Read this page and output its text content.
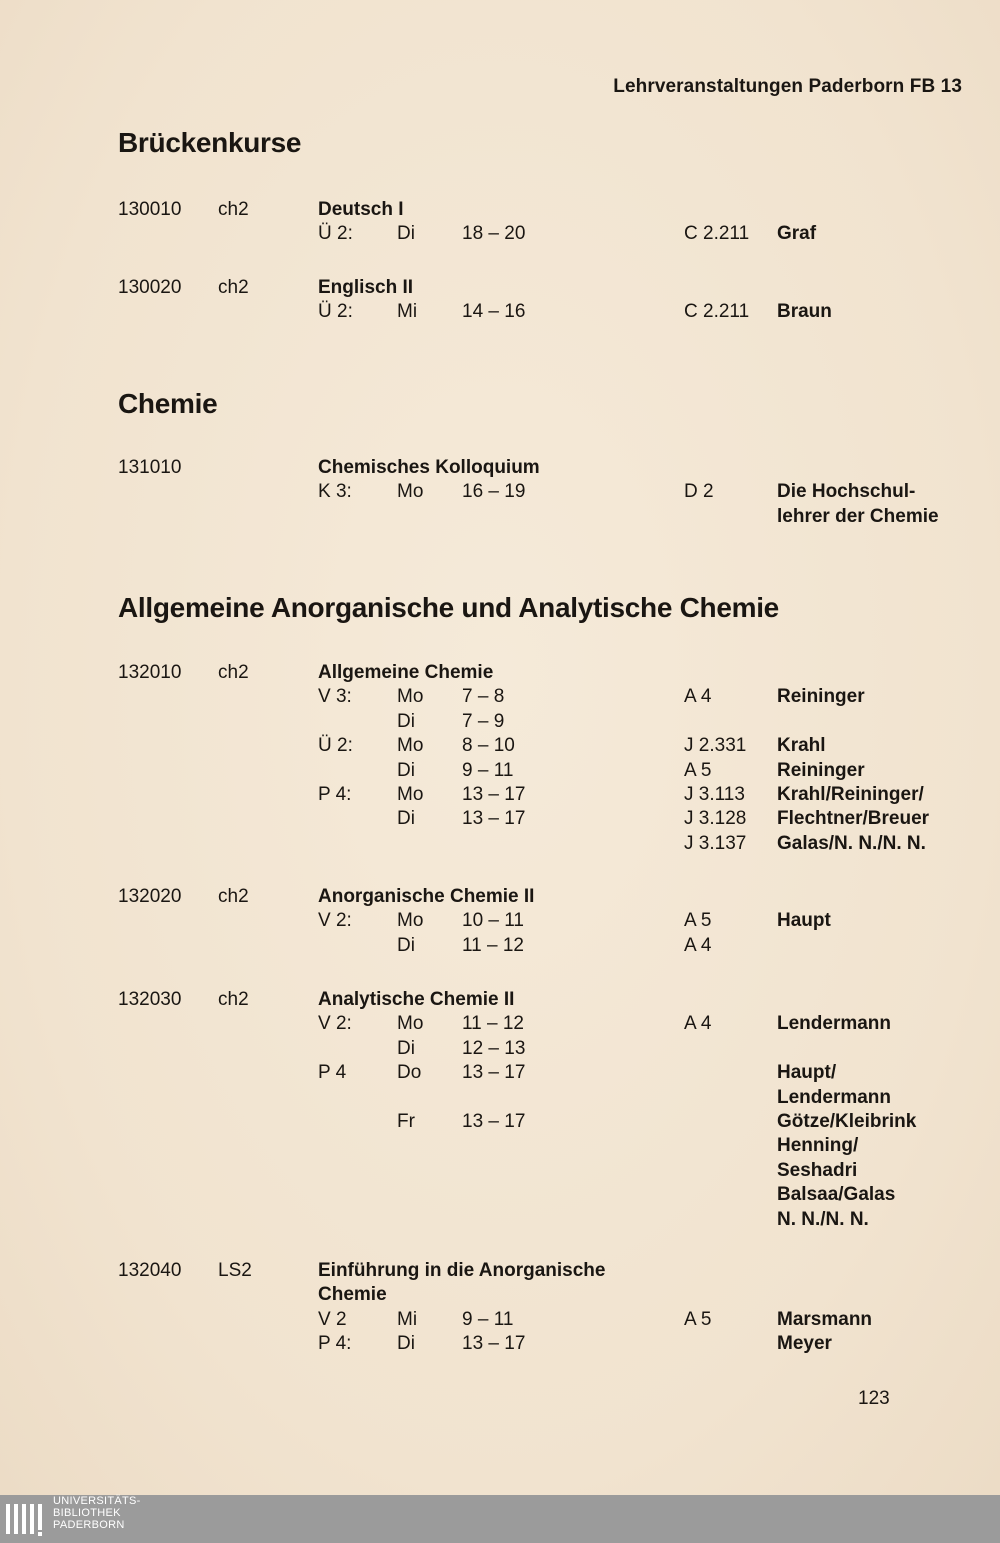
Lehrveranstaltungen Paderborn FB 13
Brückenkurse
130010 ch2	Deutsch I
Ü 2: Di 18 – 20	C 2.211 Graf
130020 ch2	Englisch II
Ü 2: Mi 14 – 16	C 2.211 Braun
Chemie
131010	Chemisches Kolloquium
K 3: Mo 16 – 19	D 2	Die Hochschul-
lehrer der Chemie
Allgemeine Anorganische und Analytische Chemie
132010 ch2	Allgemeine Chemie
V 3: Mo 7 – 8	A 4	Reininger
Di 7 – 9
Ü 2: Mo 8 – 10	J 2.331 Krahl
Di 9 – 11	A 5	Reininger
P 4: Mo 13 – 17	J 3.113 Krahl/Reininger/
Di 13 – 17	J 3.128 Flechtner/Breuer
J 3.137 Galas/N. N./N. N.
132020 ch2	Anorganische Chemie II
V 2: Mo 10 – 11	A 5	Haupt
Di 11 – 12	A 4
132030 ch2	Analytische Chemie II
V 2: Mo 11 – 12	A 4	Lendermann
Di 12 – 13
P 4	Do 13 – 17	Haupt/
Lendermann
Fr 13 – 17	Götze/Kleibrink
Henning/
Seshadri
Balsaa/Galas
N. N./N. N.
132040 LS2	Einführung in die Anorganische
Chemie
V 2	Mi 9 – 11	A 5	Marsmann
P 4: Di 13 – 17	Meyer
123
UNIVERSITÄTS-
BIBLIOTHEK
PADERBORN
